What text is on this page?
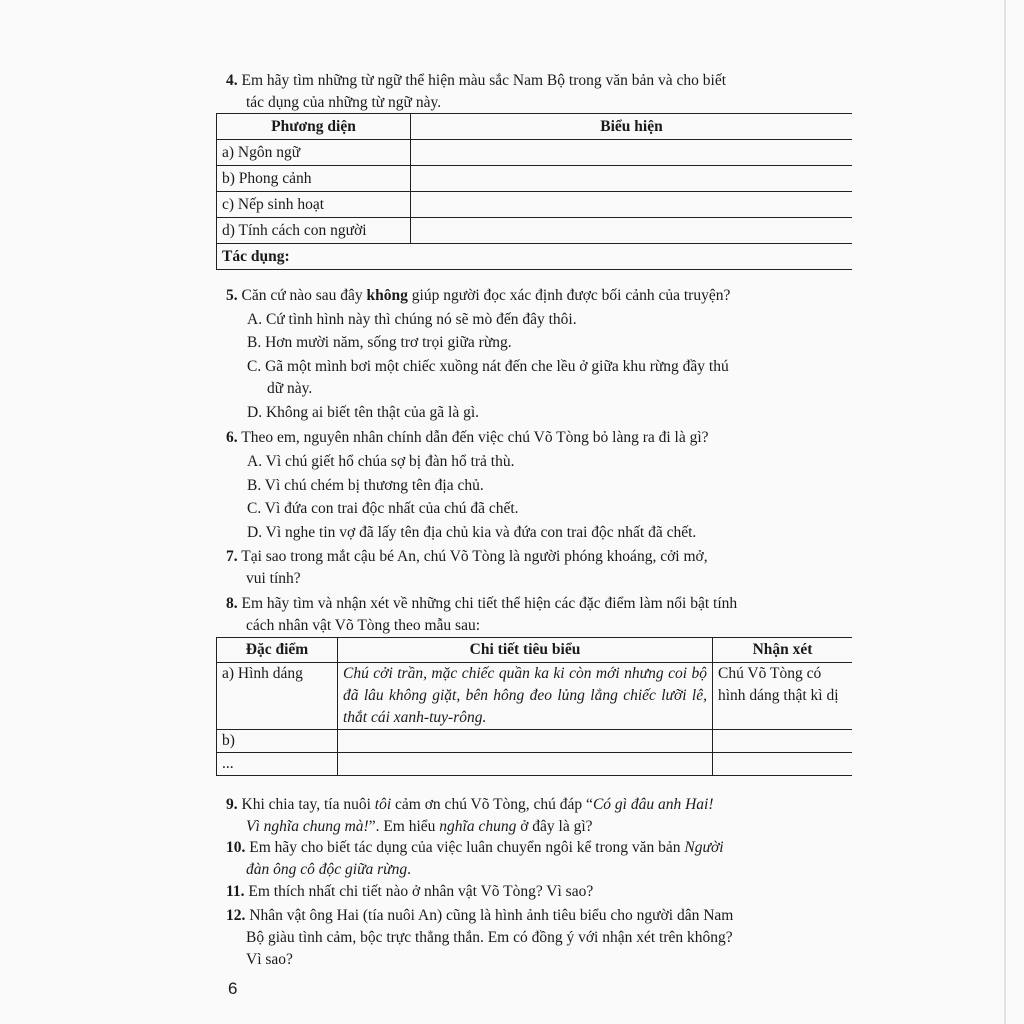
4. Em hãy tìm những từ ngữ thể hiện màu sắc Nam Bộ trong văn bản và cho biết
tác dụng của những từ ngữ này.
Phương diện	Biểu hiện
a) Ngôn ngữ	
b) Phong cảnh	
c) Nếp sinh hoạt	
d) Tính cách con người	
Tác dụng:	
5. Căn cứ nào sau đây không giúp người đọc xác định được bối cảnh của truyện?
A. Cứ tình hình này thì chúng nó sẽ mò đến đây thôi.
B. Hơn mười năm, sống trơ trọi giữa rừng.
C. Gã một mình bơi một chiếc xuồng nát đến che lều ở giữa khu rừng đầy thú
dữ này.
D. Không ai biết tên thật của gã là gì.
6. Theo em, nguyên nhân chính dẫn đến việc chú Võ Tòng bỏ làng ra đi là gì?
A. Vì chú giết hổ chúa sợ bị đàn hổ trả thù.
B. Vì chú chém bị thương tên địa chủ.
C. Vì đứa con trai độc nhất của chú đã chết.
D. Vì nghe tin vợ đã lấy tên địa chủ kia và đứa con trai độc nhất đã chết.
7. Tại sao trong mắt cậu bé An, chú Võ Tòng là người phóng khoáng, cởi mở,
vui tính?
8. Em hãy tìm và nhận xét về những chi tiết thể hiện các đặc điểm làm nổi bật tính
cách nhân vật Võ Tòng theo mẫu sau:
Đặc điểm	Chi tiết tiêu biểu	Nhận xét
a) Hình dáng	Chú cởi trần, mặc chiếc quần ka ki còn mới nhưng coi bộ đã lâu không giặt, bên hông đeo lủng lẳng chiếc lưỡi lê, thắt cái xanh-tuy-rông.	Chú Võ Tòng có hình dáng thật kì dị
b)		
...		
9. Khi chia tay, tía nuôi tôi cảm ơn chú Võ Tòng, chú đáp “Có gì đâu anh Hai!
Vì nghĩa chung mà!”. Em hiểu nghĩa chung ở đây là gì?
10. Em hãy cho biết tác dụng của việc luân chuyển ngôi kể trong văn bản Người
đàn ông cô độc giữa rừng.
11. Em thích nhất chi tiết nào ở nhân vật Võ Tòng? Vì sao?
12. Nhân vật ông Hai (tía nuôi An) cũng là hình ảnh tiêu biểu cho người dân Nam
Bộ giàu tình cảm, bộc trực thẳng thắn. Em có đồng ý với nhận xét trên không?
Vì sao?
6
